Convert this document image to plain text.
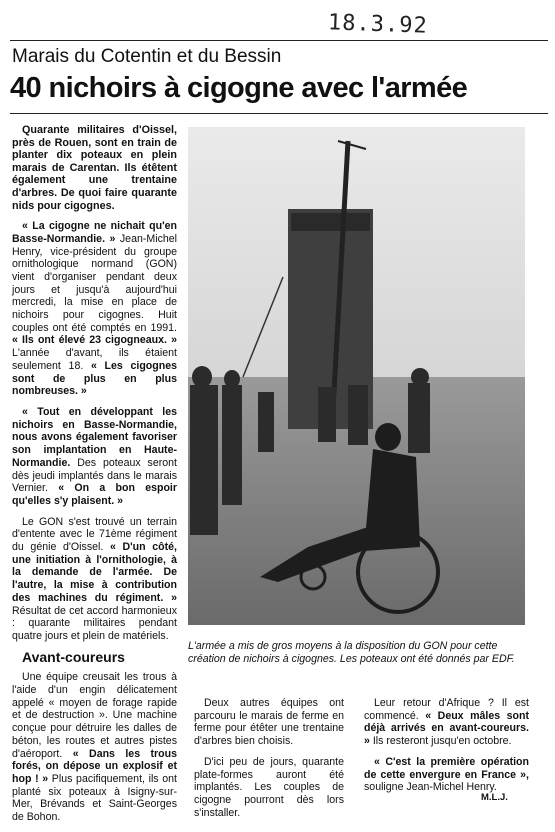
18.3.92
Marais du Cotentin et du Bessin
40 nichoirs à cigogne avec l'armée

Quarante militaires d'Oissel, près de Rouen, sont en train de planter dix poteaux en plein marais de Carentan. Ils étêtent également une trentaine d'arbres. De quoi faire quarante nids pour cigognes.

« La cigogne ne nichait qu'en Basse-Normandie. » Jean-Michel Henry, vice-président du groupe ornithologique normand (GON) vient d'organiser pendant deux jours et jusqu'à aujourd'hui mercredi, la mise en place de nichoirs pour cigognes. Huit couples ont été comptés en 1991. « Ils ont élevé 23 cigogneaux. » L'année d'avant, ils étaient seulement 18. « Les cigognes sont de plus en plus nombreuses. »

« Tout en développant les nichoirs en Basse-Normandie, nous avons également favoriser son implantation en Haute-Normandie. Des poteaux seront dès jeudi implantés dans le marais Vernier. « On a bon espoir qu'elles s'y plaisent. »

Le GON s'est trouvé un terrain d'entente avec le 71ème régiment du génie d'Oissel. « D'un côté, une initiation à l'ornithologie, à la demande de l'armée. De l'autre, la mise à contribution des machines du régiment. » Résultat de cet accord harmonieux : quarante militaires pendant quatre jours et plein de matériels.

Avant-coureurs

Une équipe creusait les trous à l'aide d'un engin délicatement appelé « moyen de forage rapide et de destruction ». Une machine conçue pour détruire les dalles de béton, les routes et autres pistes d'aéroport. « Dans les trous forés, on dépose un explosif et hop ! » Plus pacifiquement, ils ont planté six poteaux à Isigny-sur-Mer, Brévands et Saint-Georges de Bohon.

L'armée a mis de gros moyens à la disposition du GON pour cette création de nichoirs à cigognes. Les poteaux ont été donnés par EDF.

Deux autres équipes ont parcouru le marais de ferme en ferme pour étêter une trentaine d'arbres bien choisis.

D'ici peu de jours, quarante plate-formes auront été implantés. Les couples de cigogne pourront dès lors s'installer.

Leur retour d'Afrique ? Il est commencé. « Deux mâles sont déjà arrivés en avant-coureurs. » Ils resteront jusqu'en octobre.

« C'est la première opération de cette envergure en France », souligne Jean-Michel Henry.

M.L.J.
